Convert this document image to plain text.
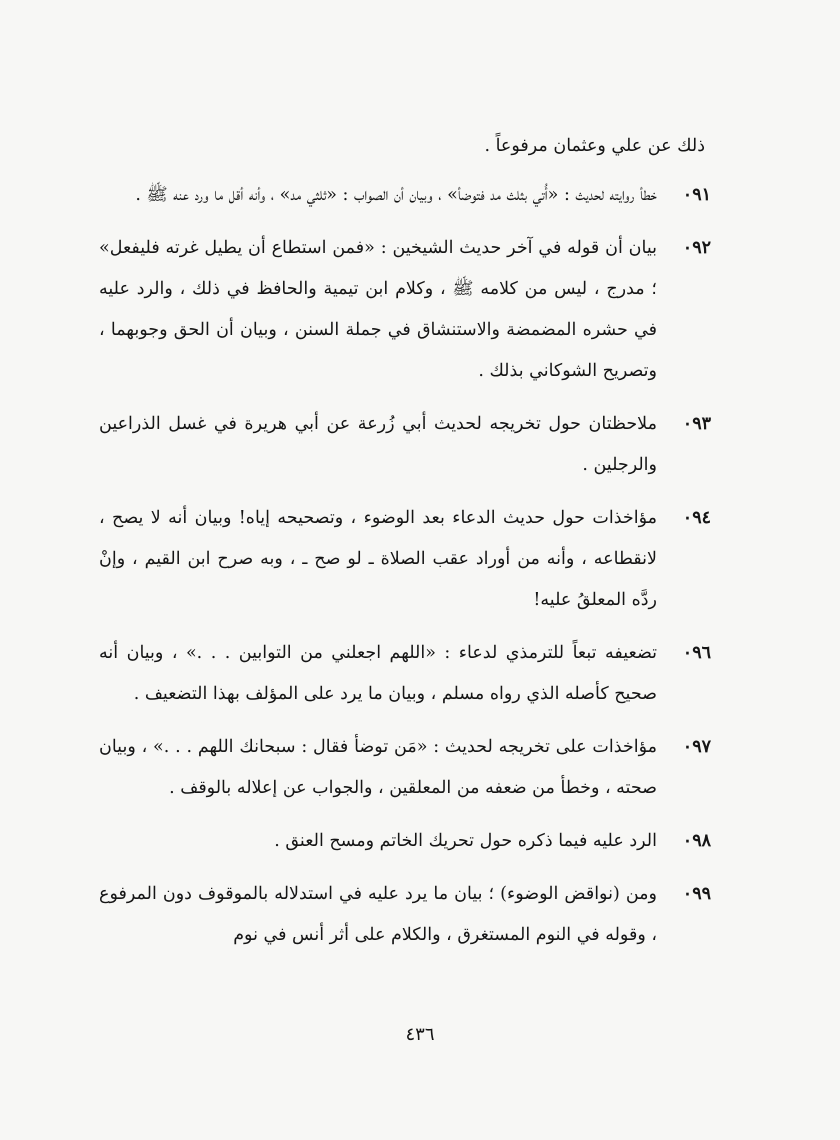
ذلك عن علي وعثمان مرفوعاً .
٠٩١
خطأ روايته لحديث : «أُتي بثلث مد فتوضأ» ، وبيان أن الصواب : «ثلثي مد» ، وأنه أقل ما ورد عنه ﷺ .
٠٩٢
بيان أن قوله في آخر حديث الشيخين : «فمن استطاع أن يطيل غرته فليفعل» ؛ مدرج ، ليس من كلامه ﷺ ، وكلام ابن تيمية والحافظ في ذلك ، والرد عليه في حشره المضمضة والاستنشاق في جملة السنن ، وبيان أن الحق وجوبهما ، وتصريح الشوكاني بذلك .
٠٩٣
ملاحظتان حول تخريجه لحديث أبي زُرعة عن أبي هريرة في غسل الذراعين والرجلين .
٠٩٤
مؤاخذات حول حديث الدعاء بعد الوضوء ، وتصحيحه إياه! وبيان أنه لا يصح ، لانقطاعه ، وأنه من أوراد عقب الصلاة ـ لو صح ـ ، وبه صرح ابن القيم ، وإنْ ردَّه المعلقُ عليه!
٠٩٦
تضعيفه تبعاً للترمذي لدعاء : «اللهم اجعلني من التوابين . . .» ، وبيان أنه صحيح كأصله الذي رواه مسلم ، وبيان ما يرد على المؤلف بهذا التضعيف .
٠٩٧
مؤاخذات على تخريجه لحديث : «مَن توضأ فقال : سبحانك اللهم . . .» ، وبيان صحته ، وخطأ من ضعفه من المعلقين ، والجواب عن إعلاله بالوقف .
٠٩٨
الرد عليه فيما ذكره حول تحريك الخاتم ومسح العنق .
٠٩٩
ومن (نواقض الوضوء) ؛ بيان ما يرد عليه في استدلاله بالموقوف دون المرفوع ، وقوله في النوم المستغرق ، والكلام على أثر أنس في نوم
٤٣٦
